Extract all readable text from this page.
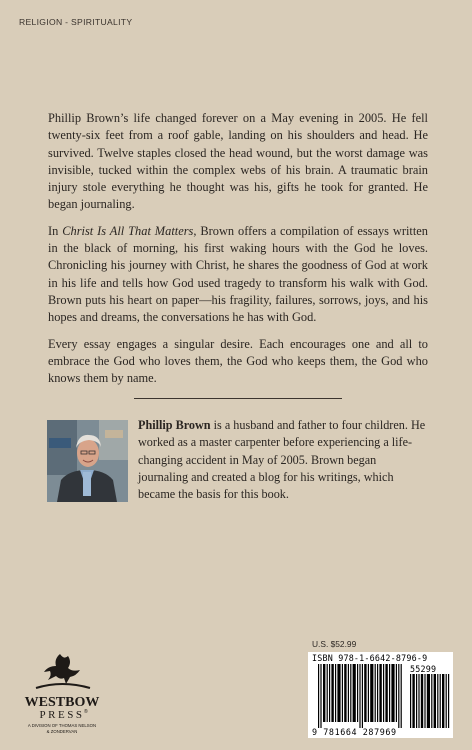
RELIGION - SPIRITUALITY

Phillip Brown’s life changed forever on a May evening in 2005. He fell twenty-six feet from a roof gable, landing on his shoulders and head. He survived. Twelve staples closed the head wound, but the worst damage was invisible, tucked within the complex webs of his brain. A traumatic brain injury stole everything he thought was his, gifts he took for granted. He began journaling.

In Christ Is All That Matters, Brown offers a compilation of essays written in the black of morning, his first waking hours with the God he loves. Chronicling his journey with Christ, he shares the goodness of God at work in his life and tells how God used tragedy to transform his walk with God. Brown puts his heart on paper—his fragility, failures, sorrows, joys, and his hopes and dreams, the conversations he has with God.

Every essay engages a singular desire. Each encourages one and all to embrace the God who loves them, the God who keeps them, the God who knows them by name.

Phillip Brown is a husband and father to four children. He worked as a master carpenter before experiencing a life-changing accident in May of 2005. Brown began journaling and created a blog for his writings, which became the basis for this book.
U.S. $52.99
ISBN 978-1-6642-8796-9
55299
9 781664 287969
WESTBOW
PRESS ®
A DIVISION OF THOMAS NELSON
& ZONDERVAN
